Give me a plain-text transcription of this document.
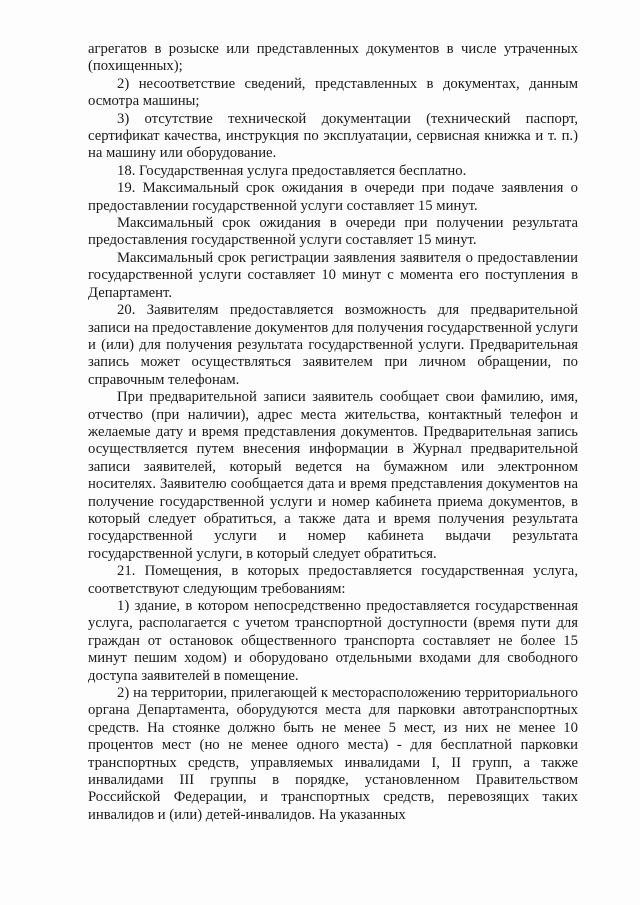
агрегатов в розыске или представленных документов в числе утраченных (похищенных);

2) несоответствие сведений, представленных в документах, данным осмотра машины;

3) отсутствие технической документации (технический паспорт, сертификат качества, инструкция по эксплуатации, сервисная книжка и т. п.) на машину или оборудование.

18. Государственная услуга предоставляется бесплатно.

19. Максимальный срок ожидания в очереди при подаче заявления о предоставлении государственной услуги составляет 15 минут.

Максимальный срок ожидания в очереди при получении результата предоставления государственной услуги составляет 15 минут.

Максимальный срок регистрации заявления заявителя о предоставлении государственной услуги составляет 10 минут с момента его поступления в Департамент.

20. Заявителям предоставляется возможность для предварительной записи на предоставление документов для получения государственной услуги и (или) для получения результата государственной услуги. Предварительная запись может осуществляться заявителем при личном обращении, по справочным телефонам.

При предварительной записи заявитель сообщает свои фамилию, имя, отчество (при наличии), адрес места жительства, контактный телефон и желаемые дату и время представления документов. Предварительная запись осуществляется путем внесения информации в Журнал предварительной записи заявителей, который ведется на бумажном или электронном носителях. Заявителю сообщается дата и время представления документов на получение государственной услуги и номер кабинета приема документов, в который следует обратиться, а также дата и время получения результата государственной услуги и номер кабинета выдачи результата государственной услуги, в который следует обратиться.

21. Помещения, в которых предоставляется государственная услуга, соответствуют следующим требованиям:

1) здание, в котором непосредственно предоставляется государственная услуга, располагается с учетом транспортной доступности (время пути для граждан от остановок общественного транспорта составляет не более 15 минут пешим ходом) и оборудовано отдельными входами для свободного доступа заявителей в помещение.

2) на территории, прилегающей к месторасположению территориального органа Департамента, оборудуются места для парковки автотранспортных средств. На стоянке должно быть не менее 5 мест, из них не менее 10 процентов мест (но не менее одного места) - для бесплатной парковки транспортных средств, управляемых инвалидами I, II групп, а также инвалидами III группы в порядке, установленном Правительством Российской Федерации, и транспортных средств, перевозящих таких инвалидов и (или) детей-инвалидов. На указанных
